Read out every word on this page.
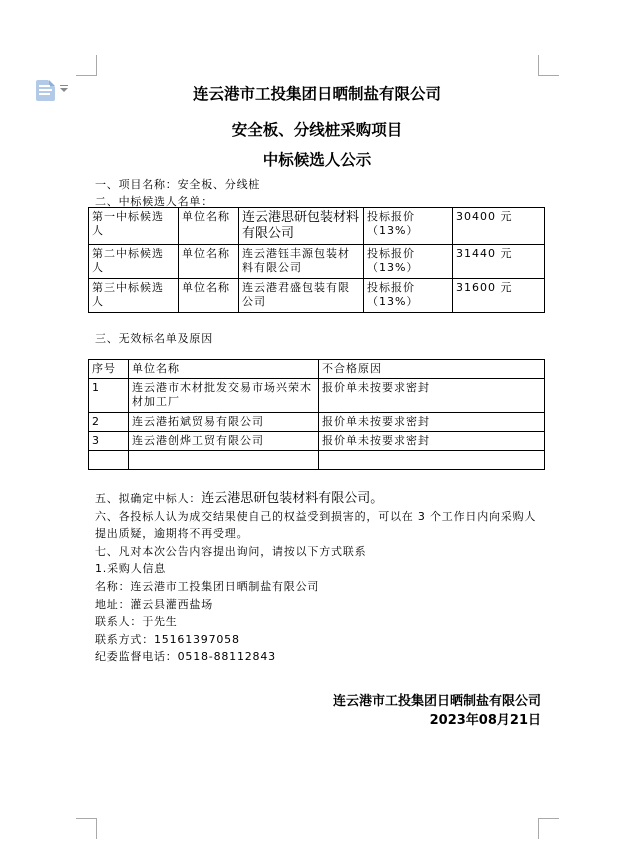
连云港市工投集团日晒制盐有限公司

安全板、分线桩采购项目

中标候选人公示

一、项目名称：安全板、分线桩

二、中标候选人名单：

第一中标候选人	单位名称	连云港思研包装材料有限公司	投标报价（13%）	30400 元
第二中标候选人	单位名称	连云港钰丰源包装材料有限公司	投标报价（13%）	31440 元
第三中标候选人	单位名称	连云港君盛包装有限公司	投标报价（13%）	31600 元

三、无效标名单及原因

序号	单位名称	不合格原因
1	连云港市木材批发交易市场兴荣木材加工厂	报价单未按要求密封
2	连云港拓斌贸易有限公司	报价单未按要求密封
3	连云港创烨工贸有限公司	报价单未按要求密封

五、拟确定中标人：连云港思研包装材料有限公司。

六、各投标人认为成交结果使自己的权益受到损害的，可以在 3 个工作日内向采购人提出质疑，逾期将不再受理。

七、凡对本次公告内容提出询问，请按以下方式联系

1.采购人信息

名称：连云港市工投集团日晒制盐有限公司

地址：灌云县灌西盐场

联系人：于先生

联系方式：15161397058

纪委监督电话：0518-88112843

连云港市工投集团日晒制盐有限公司
2023年08月21日
